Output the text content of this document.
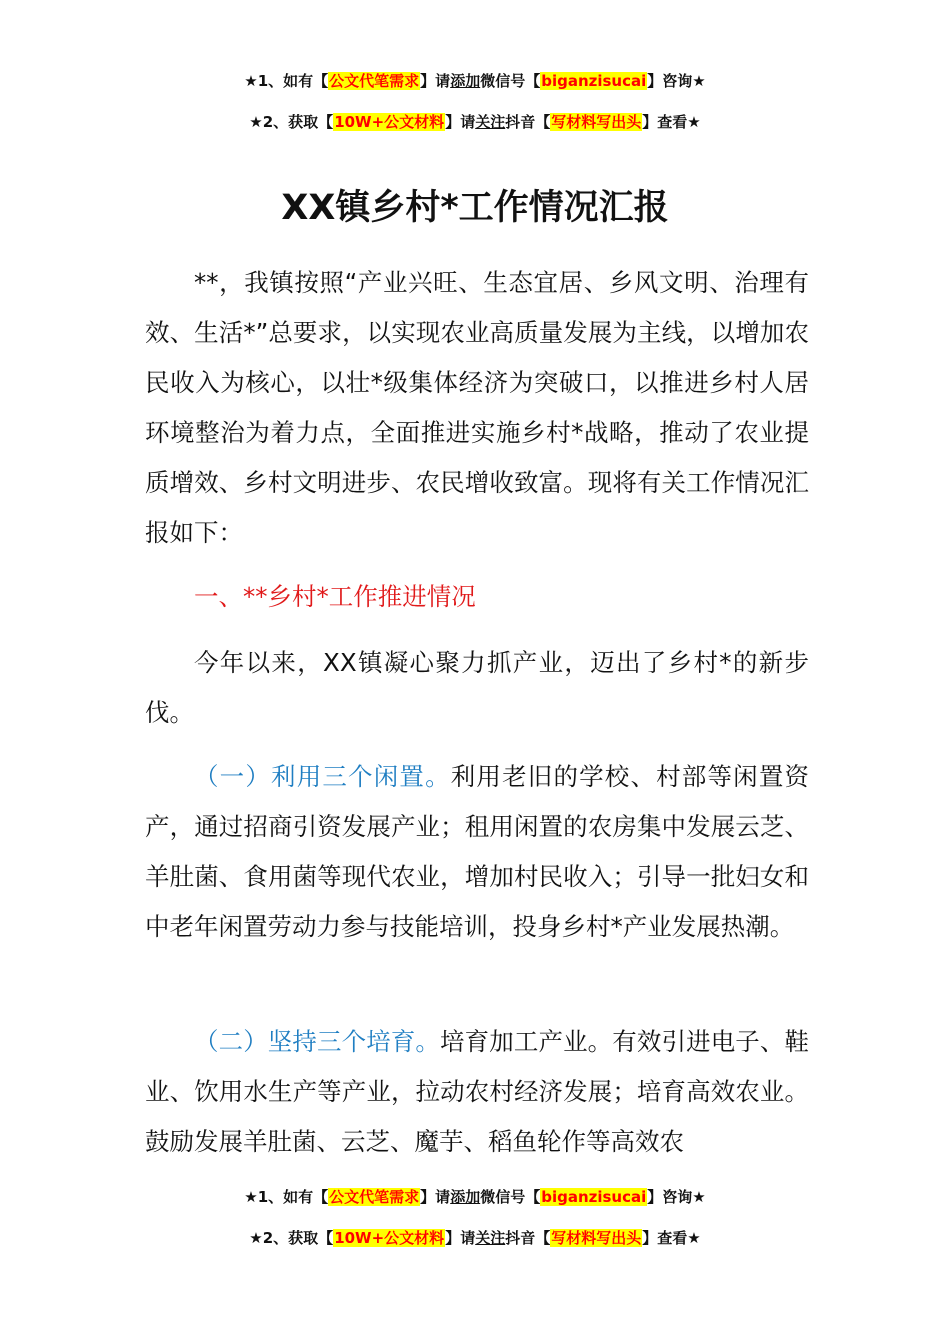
★1、如有【公文代笔需求】请添加微信号【biganzisucai】咨询★
★2、获取【10W+公文材料】请关注抖音【写材料写出头】查看★
XX镇乡村*工作情况汇报

**，我镇按照“产业兴旺、生态宜居、乡风文明、治理有效、生活*”总要求，以实现农业高质量发展为主线，以增加农民收入为核心，以壮*级集体经济为突破口，以推进乡村人居环境整治为着力点，全面推进实施乡村*战略，推动了农业提质增效、乡村文明进步、农民增收致富。现将有关工作情况汇报如下：

一、**乡村*工作推进情况

今年以来，XX镇凝心聚力抓产业，迈出了乡村*的新步伐。

（一）利用三个闲置。利用老旧的学校、村部等闲置资产，通过招商引资发展产业；租用闲置的农房集中发展云芝、羊肚菌、食用菌等现代农业，增加村民收入；引导一批妇女和中老年闲置劳动力参与技能培训，投身乡村*产业发展热潮。

（二）坚持三个培育。培育加工产业。有效引进电子、鞋业、饮用水生产等产业，拉动农村经济发展；培育高效农业。鼓励发展羊肚菌、云芝、魔芋、稻鱼轮作等高效农

★1、如有【公文代笔需求】请添加微信号【biganzisucai】咨询★
★2、获取【10W+公文材料】请关注抖音【写材料写出头】查看★
